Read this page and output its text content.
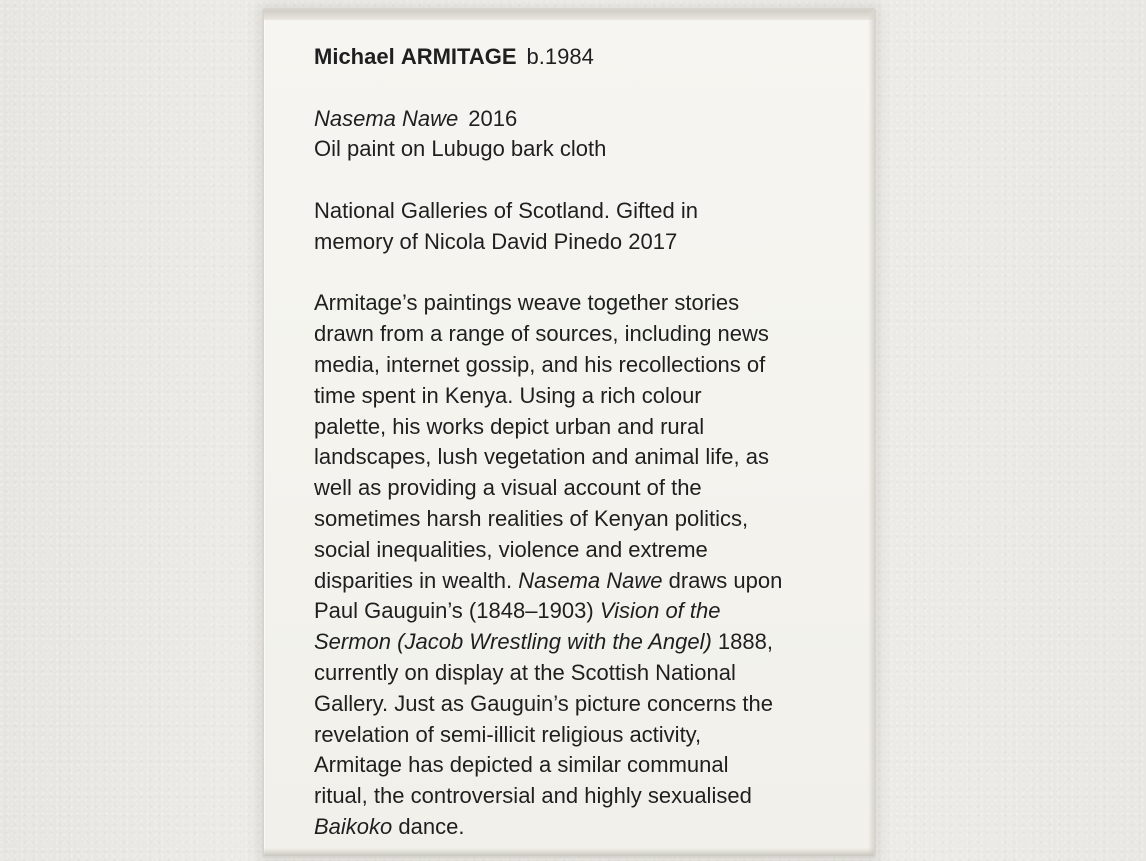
Michael ARMITAGE b.1984
Nasema Nawe 2016
Oil paint on Lubugo bark cloth
National Galleries of Scotland. Gifted in
memory of Nicola David Pinedo 2017
Armitage’s paintings weave together stories
drawn from a range of sources, including news
media, internet gossip, and his recollections of
time spent in Kenya. Using a rich colour
palette, his works depict urban and rural
landscapes, lush vegetation and animal life, as
well as providing a visual account of the
sometimes harsh realities of Kenyan politics,
social inequalities, violence and extreme
disparities in wealth. Nasema Nawe draws upon
Paul Gauguin’s (1848–1903) Vision of the
Sermon (Jacob Wrestling with the Angel) 1888,
currently on display at the Scottish National
Gallery. Just as Gauguin’s picture concerns the
revelation of semi-illicit religious activity,
Armitage has depicted a similar communal
ritual, the controversial and highly sexualised
Baikoko dance.
